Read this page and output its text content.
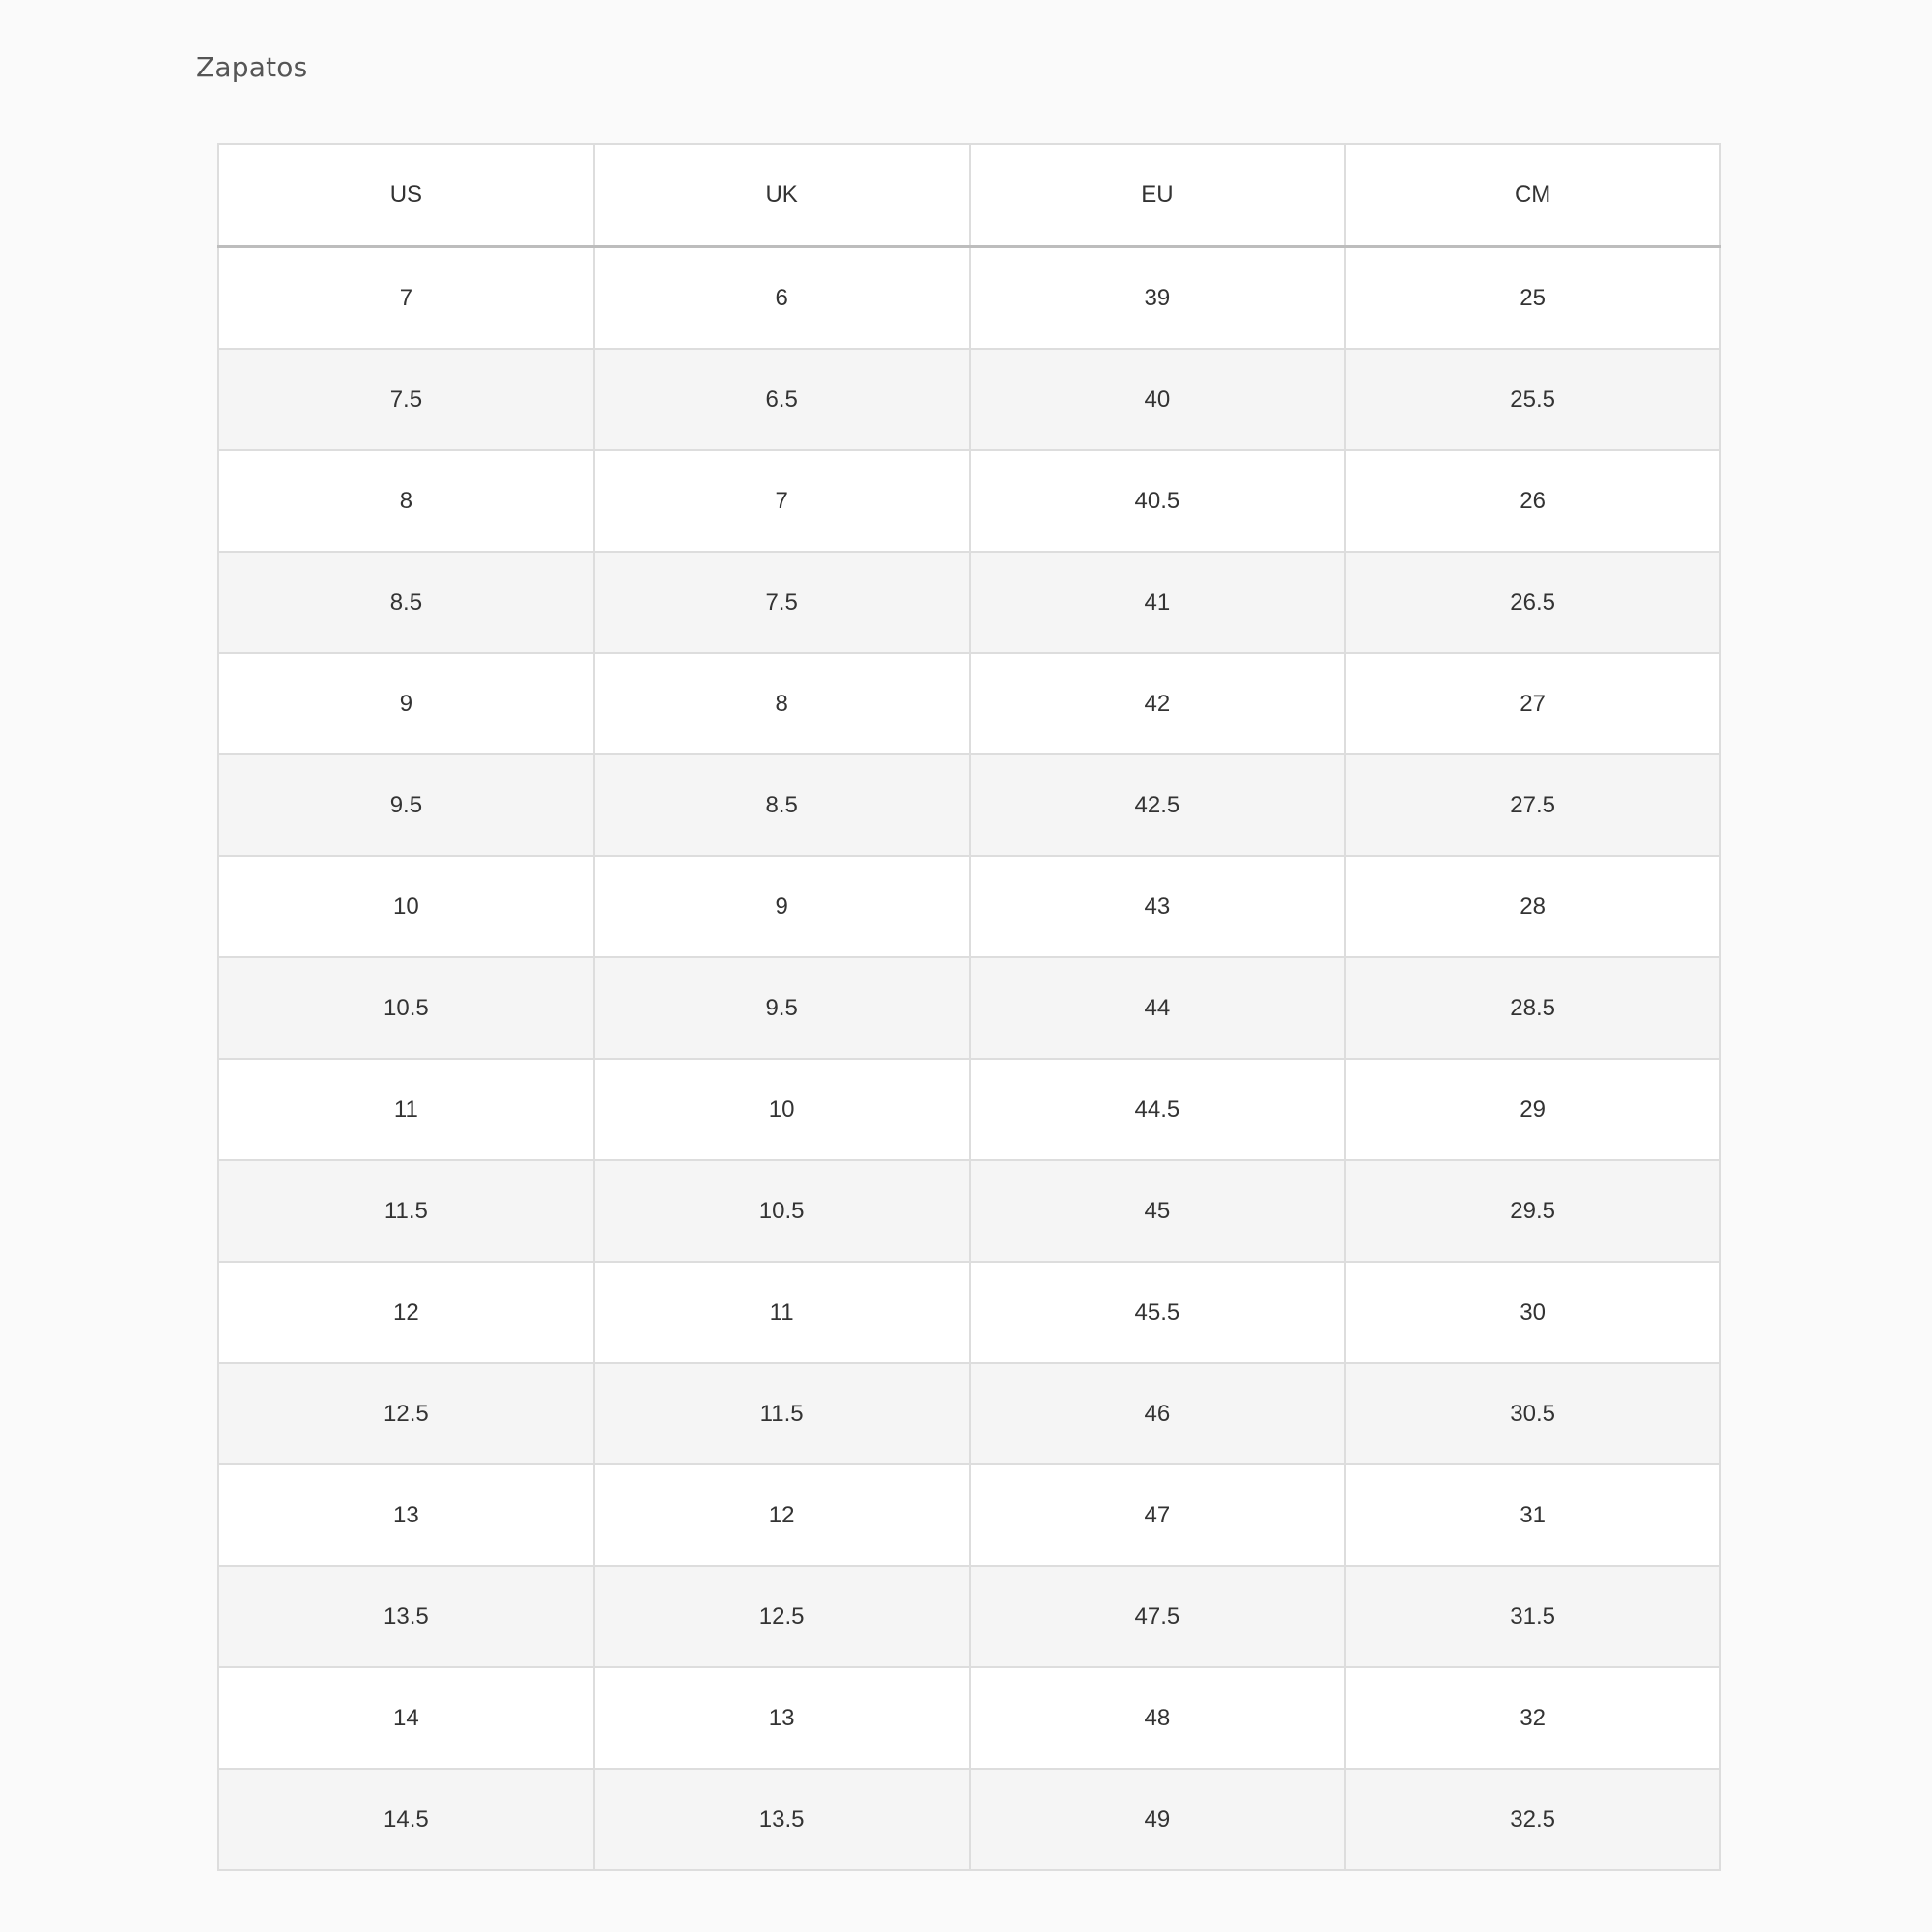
Zapatos
US	UK	EU	CM
7	6	39	25
7.5	6.5	40	25.5
8	7	40.5	26
8.5	7.5	41	26.5
9	8	42	27
9.5	8.5	42.5	27.5
10	9	43	28
10.5	9.5	44	28.5
11	10	44.5	29
11.5	10.5	45	29.5
12	11	45.5	30
12.5	11.5	46	30.5
13	12	47	31
13.5	12.5	47.5	31.5
14	13	48	32
14.5	13.5	49	32.5
